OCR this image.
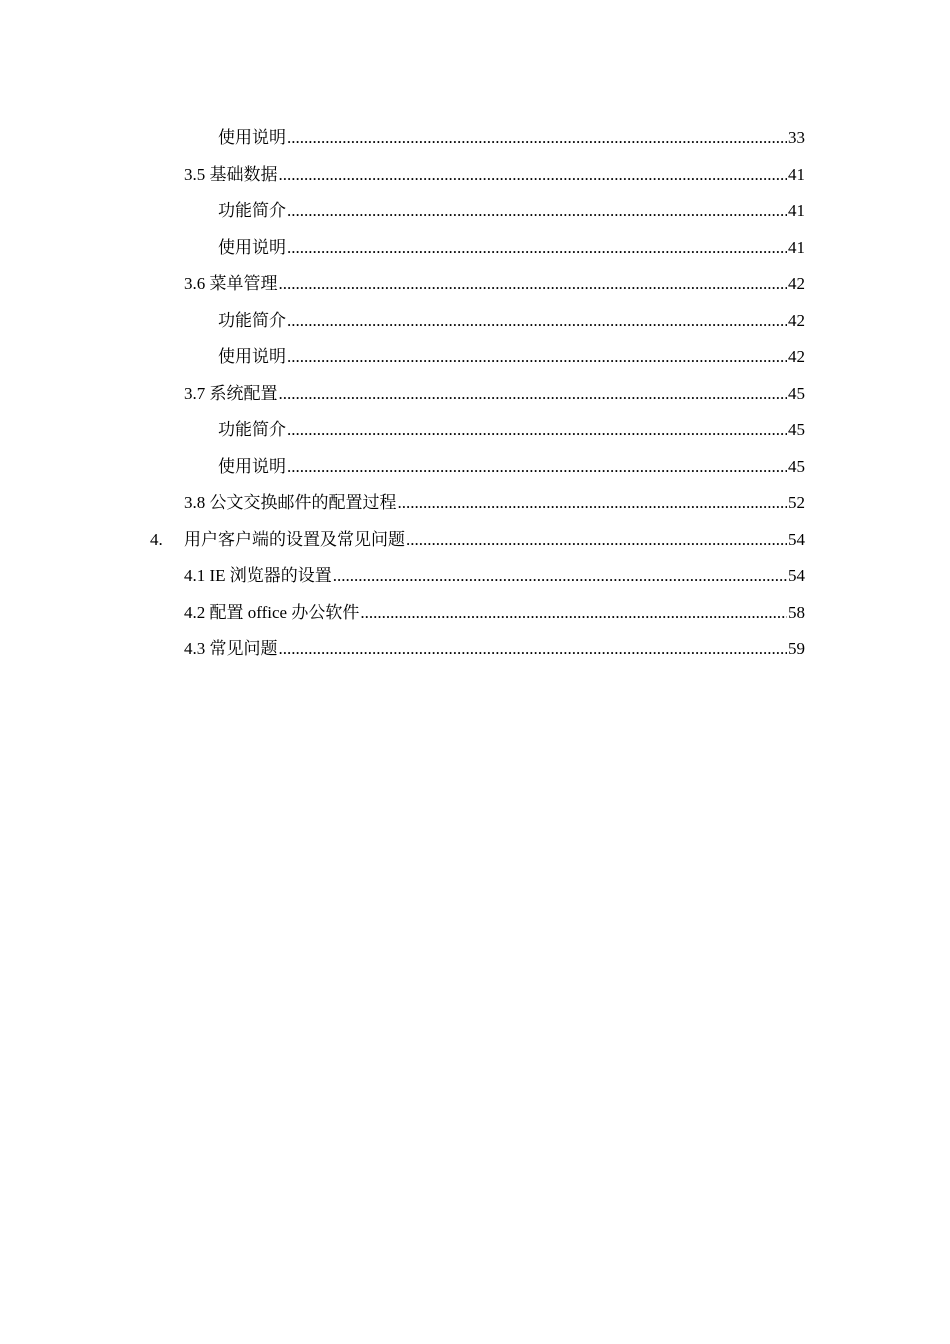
使用说明 .....	33
3.5 基础数据 .....	41
功能简介 .....	41
使用说明 .....	41
3.6 菜单管理 .....	42
功能简介 .....	42
使用说明 .....	42
3.7 系统配置 .....	45
功能简介 .....	45
使用说明 .....	45
3.8 公文交换邮件的配置过程 .....	52
4. 用户客户端的设置及常见问题 .....	54
4.1 IE 浏览器的设置 .....	54
4.2 配置 office 办公软件 .....	58
4.3 常见问题 .....	59
